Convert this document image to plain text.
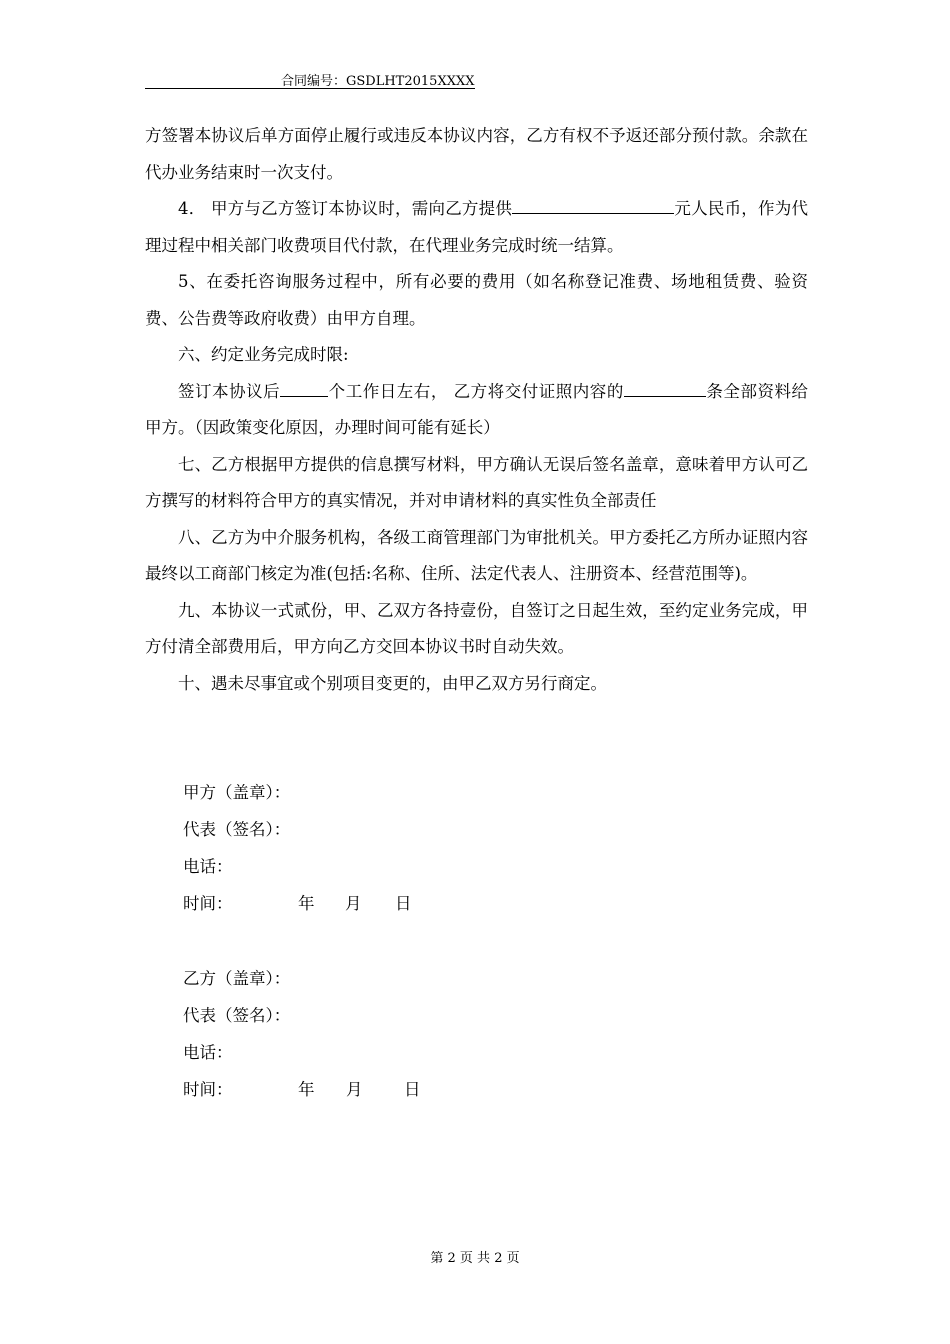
合同编号：GSDLHT2015XXXX

方签署本协议后单方面停止履行或违反本协议内容，乙方有权不予返还部分预付款。余款在代办业务结束时一次支付。

4． 甲方与乙方签订本协议时，需向乙方提供	元人民币，作为代理过程中相关部门收费项目代付款，在代理业务完成时统一结算。

5、在委托咨询服务过程中，所有必要的费用（如名称登记准费、场地租赁费、验资费、公告费等政府收费）由甲方自理。

六、约定业务完成时限:

签订本协议后	个工作日左右， 乙方将交付证照内容的	条全部资料给甲方。（因政策变化原因，办理时间可能有延长）

七、乙方根据甲方提供的信息撰写材料，甲方确认无误后签名盖章，意味着甲方认可乙方撰写的材料符合甲方的真实情况，并对申请材料的真实性负全部责任

八、乙方为中介服务机构，各级工商管理部门为审批机关。甲方委托乙方所办证照内容最终以工商部门核定为准(包括:名称、住所、法定代表人、注册资本、经营范围等)。

九、本协议一式贰份，甲、乙双方各持壹份，自签订之日起生效，至约定业务完成，甲方付清全部费用后，甲方向乙方交回本协议书时自动失效。

十、遇未尽事宜或个别项目变更的，由甲乙双方另行商定。

甲方（盖章）：
代表（签名）：
电话：
时间：	年 月 日
乙方（盖章）：
代表（签名）：
电话：
时间：	年 月	日
第 2 页 共 2 页
